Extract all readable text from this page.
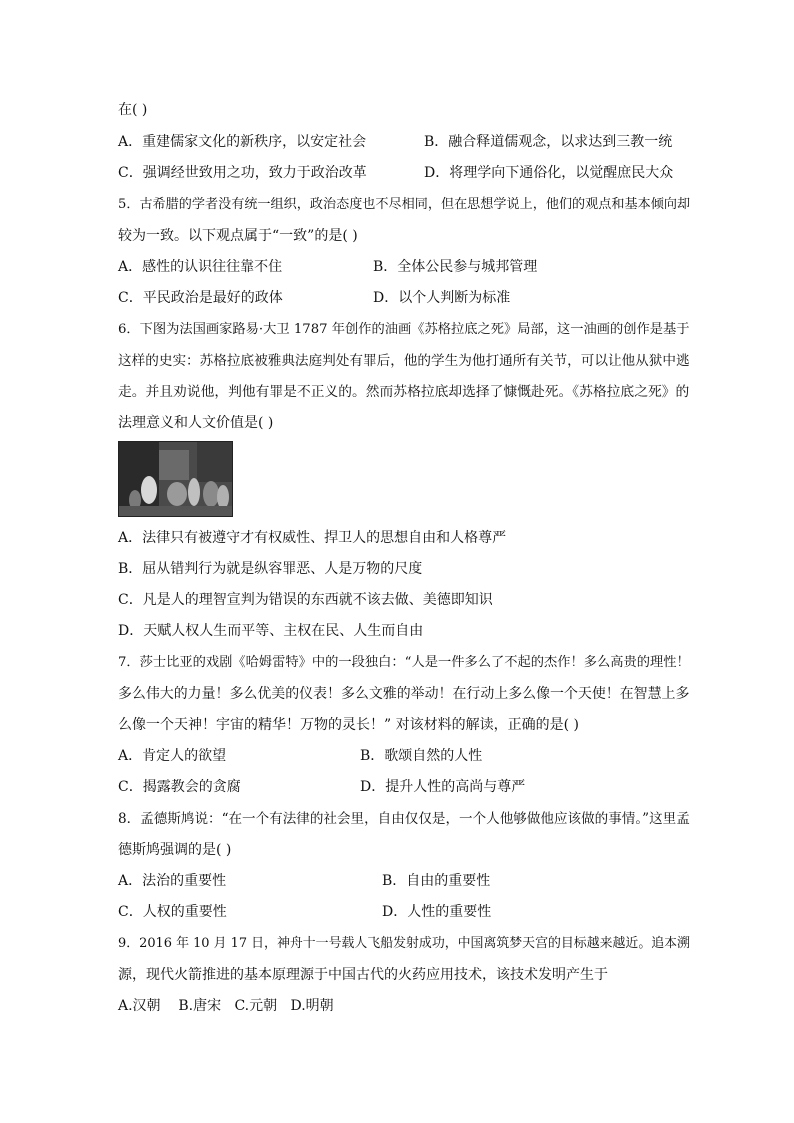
在( )
A．重建儒家文化的新秩序，以安定社会	B．融合释道儒观念，以求达到三教一统
C．强调经世致用之功，致力于政治改革	D．将理学向下通俗化，以觉醒庶民大众
5．古希腊的学者没有统一组织，政治态度也不尽相同，但在思想学说上，他们的观点和基本倾向却
较为一致。以下观点属于“一致”的是( )
A．感性的认识往往靠不住	B．全体公民参与城邦管理
C．平民政治是最好的政体	D．以个人判断为标准
6．下图为法国画家路易·大卫 1787 年创作的油画《苏格拉底之死》局部，这一油画的创作是基于
这样的史实：苏格拉底被雅典法庭判处有罪后，他的学生为他打通所有关节，可以让他从狱中逃
走。并且劝说他，判他有罪是不正义的。然而苏格拉底却选择了慷慨赴死。《苏格拉底之死》的
法理意义和人文价值是( )
A．法律只有被遵守才有权威性、捍卫人的思想自由和人格尊严
B．屈从错判行为就是纵容罪恶、人是万物的尺度
C．凡是人的理智宣判为错误的东西就不该去做、美德即知识
D．天赋人权人生而平等、主权在民、人生而自由
7．莎士比亚的戏剧《哈姆雷特》中的一段独白：“人是一件多么了不起的杰作！多么高贵的理性！
多么伟大的力量！多么优美的仪表！多么文雅的举动！在行动上多么像一个天使！在智慧上多
么像一个天神！宇宙的精华！万物的灵长！” 对该材料的解读，正确的是( )
A．肯定人的欲望	B．歌颂自然的人性
C．揭露教会的贪腐	D．提升人性的高尚与尊严
8．孟德斯鸠说：“在一个有法律的社会里，自由仅仅是，一个人他够做他应该做的事情。”这里孟
德斯鸠强调的是( )
A．法治的重要性	B．自由的重要性
C．人权的重要性	D．人性的重要性
9．2016 年 10 月 17 日，神舟十一号载人飞船发射成功，中国离筑梦天宫的目标越来越近。追本溯
源，现代火箭推进的基本原理源于中国古代的火药应用技术，该技术发明产生于
A.汉朝    B.唐宋   C.元朝   D.明朝
